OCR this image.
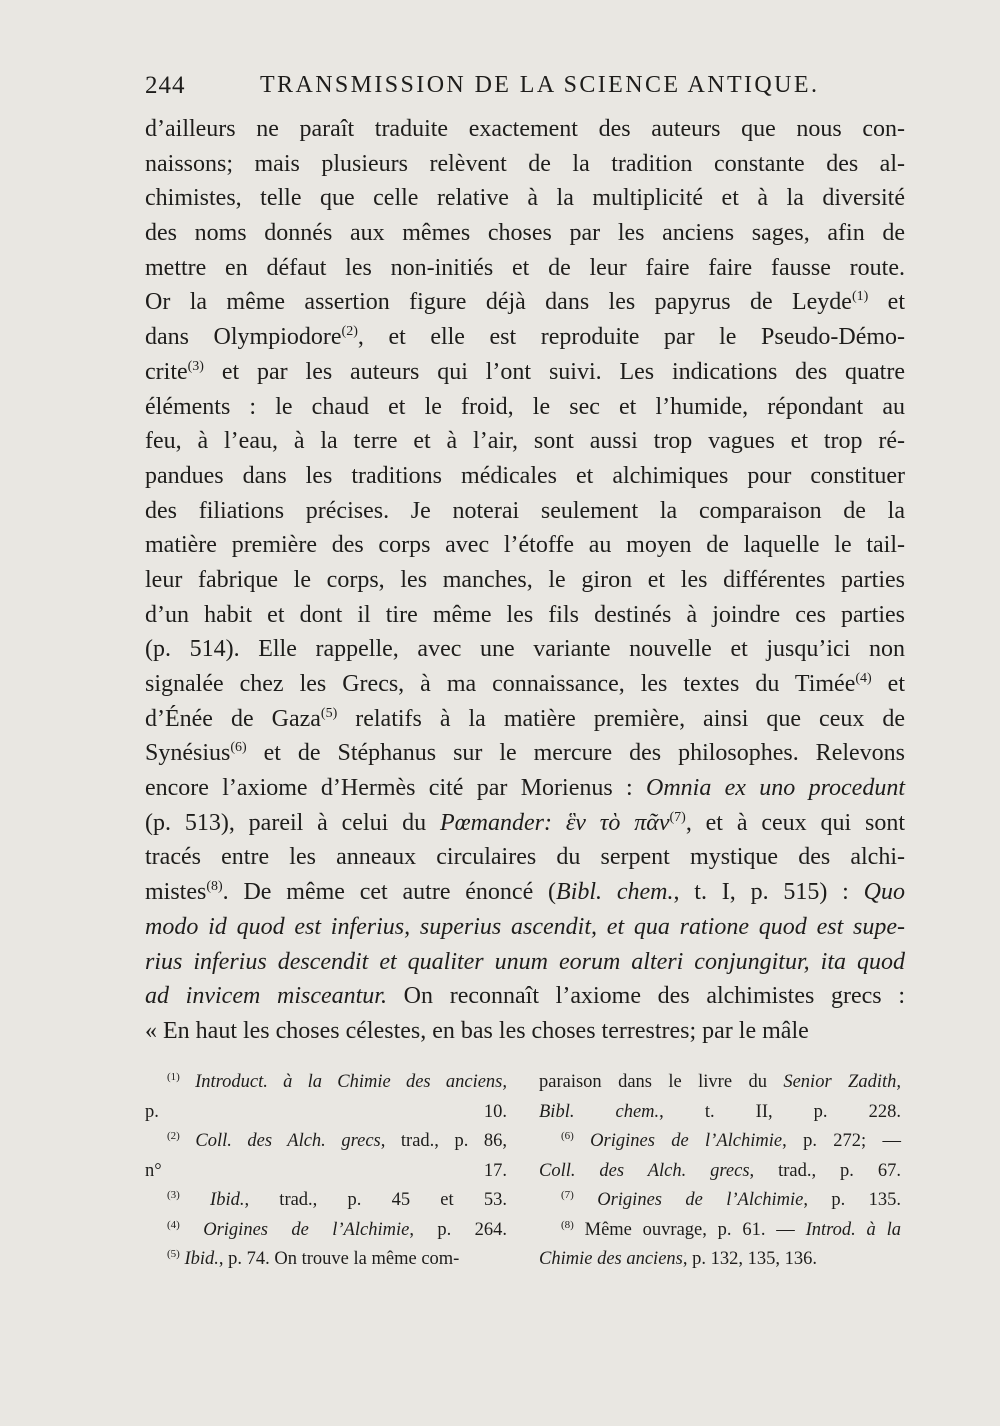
244	TRANSMISSION DE LA SCIENCE ANTIQUE.
d’ailleurs ne paraît traduite exactement des auteurs que nous con-
naissons; mais plusieurs relèvent de la tradition constante des al-
chimistes, telle que celle relative à la multiplicité et à la diversité
des noms donnés aux mêmes choses par les anciens sages, afin de
mettre en défaut les non-initiés et de leur faire faire fausse route.
Or la même assertion figure déjà dans les papyrus de Leyde$^{(1)}$ et
dans Olympiodore$^{(2)}$, et elle est reproduite par le Pseudo-Démo-
crite$^{(3)}$ et par les auteurs qui l’ont suivi. Les indications des quatre
éléments : le chaud et le froid, le sec et l’humide, répondant au
feu, à l’eau, à la terre et à l’air, sont aussi trop vagues et trop ré-
pandues dans les traditions médicales et alchimiques pour constituer
des filiations précises. Je noterai seulement la comparaison de la
matière première des corps avec l’étoffe au moyen de laquelle le tail-
leur fabrique le corps, les manches, le giron et les différentes parties
d’un habit et dont il tire même les fils destinés à joindre ces parties
(p. 514). Elle rappelle, avec une variante nouvelle et jusqu’ici non
signalée chez les Grecs, à ma connaissance, les textes du Timée$^{(4)}$ et
d’Énée de Gaza$^{(5)}$ relatifs à la matière première, ainsi que ceux de
Synésius$^{(6)}$ et de Stéphanus sur le mercure des philosophes. Relevons
encore l’axiome d’Hermès cité par Morienus : Omnia ex uno procedunt
(p. 513), pareil à celui du Pœmander: ἓν τὸ πᾶν$^{(7)}$, et à ceux qui sont
tracés entre les anneaux circulaires du serpent mystique des alchi-
mistes$^{(8)}$. De même cet autre énoncé (Bibl. chem., t. I, p. 515) : Quo
modo id quod est inferius, superius ascendit, et qua ratione quod est supe-
rius inferius descendit et qualiter unum eorum alteri conjungitur, ita quod
ad invicem misceantur. On reconnaît l’axiome des alchimistes grecs :
« En haut les choses célestes, en bas les choses terrestres; par le mâle
$^{(1)}$ Introduct. à la Chimie des anciens,
p. 10.
$^{(2)}$ Coll. des Alch. grecs, trad., p. 86,
n° 17.
$^{(3)}$ Ibid., trad., p. 45 et 53.
$^{(4)}$ Origines de l’Alchimie, p. 264.
$^{(5)}$ Ibid., p. 74. On trouve la même com-
paraison dans le livre du Senior Zadith,
Bibl. chem., t. II, p. 228.
$^{(6)}$ Origines de l’Alchimie, p. 272; —
Coll. des Alch. grecs, trad., p. 67.
$^{(7)}$ Origines de l’Alchimie, p. 135.
$^{(8)}$ Même ouvrage, p. 61. — Introd. à la
Chimie des anciens, p. 132, 135, 136.
